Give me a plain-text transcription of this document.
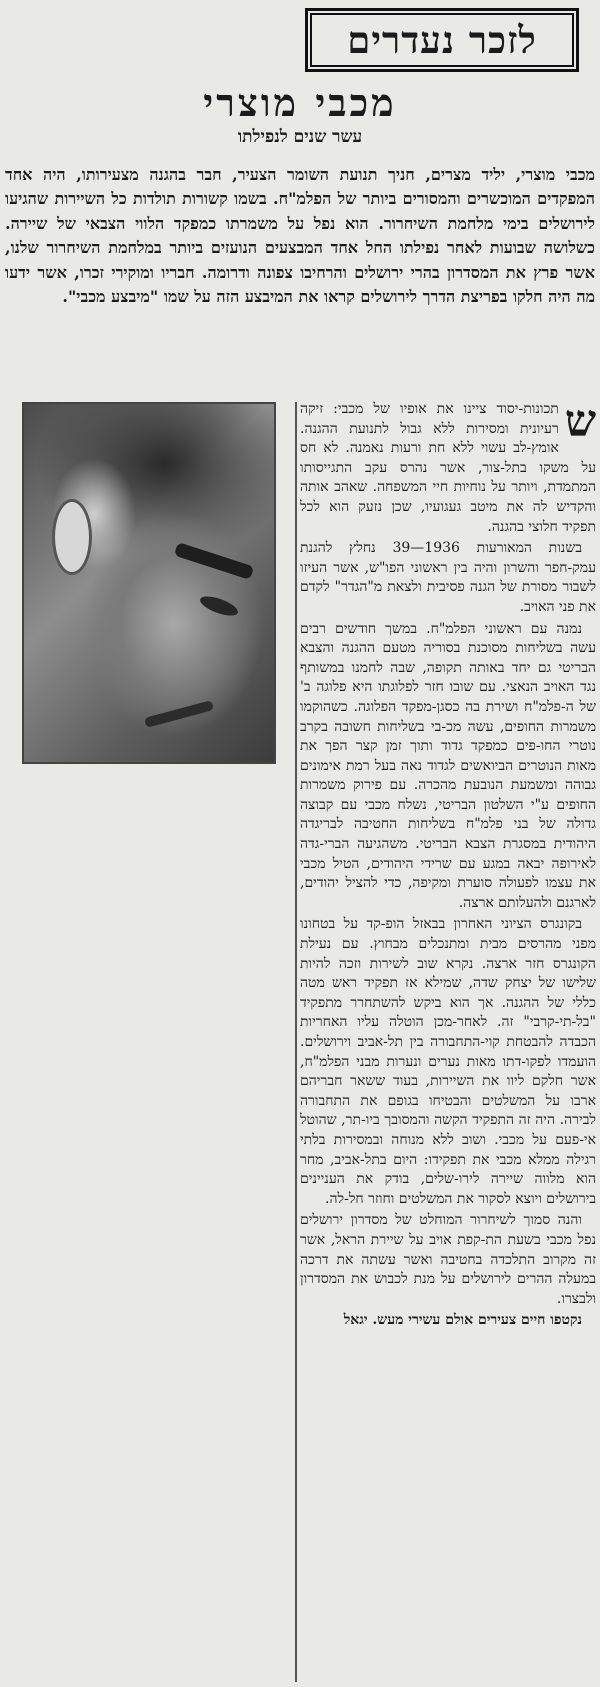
לזכר נעדרים
מכבי מוצרי
עשר שנים לנפילתו
מכבי מוצרי, יליד מצרים, חניך תנועת השומר הצעיר, חבר בהגנה מצעירותו, היה אחד המפקדים המוכשרים והמסורים ביותר של הפלמ"ח. בשמו קשורות תולדות כל השיירות שהגיעו לירושלים בימי מלחמת השיחרור. הוא נפל על משמרתו כמפקד הלווי הצבאי של שיירה. כשלושה שבועות לאחר נפילתו החל אחד המבצעים הנועזים ביותר במלחמת השיחרור שלנו, אשר פרץ את המסדרון בהרי ירושלים והרחיבו צפונה ודרומה. חבריו ומוקירי זכרו, אשר ידעו מה היה חלקו בפריצת הדרך לירושלים קראו את המיבצע הזה על שמו "מיבצע מכבי".

ש
תכונות-יסוד ציינו את אופיו של מכבי: זיקה רעיונית ומסירות ללא גבול לתנועת ההגנה. אומץ-לב עשוי ללא חת ורעות נאמנה. לא חס על משקו בתל-צור, אשר נהרס עקב התגייסותו המתמדת, ויותר על נוחיות חיי המשפחה. שאהב אותה והקדיש לה את מיטב געגועיו, שכן נזעק הוא לכל תפקיד חלוצי בהגנה.

בשנות המאורעות 1936—39 נחלץ להגנת עמק-חפר והשרון והיה בין ראשוני הפו"ש, אשר העיזו לשבור מסורת של הגנה פסיבית ולצאת מ"הגדר" לקדם את פני האויב.

נמנה עם ראשוני הפלמ"ח. במשך חודשים רבים עשה בשליחות מסוכנת בסוריה מטעם ההגנה והצבא הבריטי גם יחד באותה תקופה, שבה לחמנו במשותף נגד האויב הנאצי. עם שובו חזר לפלוגתו היא פלוגה ב' של ה-פלמ"ח ושירת בה כסגן-מפקד הפלוגה. כשהוקמו משמרות החופים, עשה מכ-בי בשליחות חשובה בקרב נוטרי החו-פים כמפקד גדוד ותוך זמן קצר הפך את מאות הנוטרים הביואשים לגדוד נאה בעל רמת אימונים גבוהה ומשמעת הנובעת מהכרה. עם פירוק משמרות החופים ע"י השלטון הבריטי, נשלח מכבי עם קבוצה גדולה של בני פלמ"ח בשליחות החטיבה לבריגדה היהודית במסגרת הצבא הבריטי. משהגיעה הברי-גדה לאירופה יבאה במגע עם שרידי היהודים, הטיל מכבי את עצמו לפעולה סוערת ומקיפה, כדי להציל יהודים, לארגנם ולהעלותם ארצה.

בקונגרס הציוני האחרון בבאזל הופ-קד על בטחונו מפני מהרסים מבית ומתנכלים מבחוץ. עם נעילת הקונגרס חזר ארצה. נקרא שוב לשירות וזכה להיות שלישו של יצחק שדה, שמילא אז תפקיד ראש מטה כללי של ההגנה. אך הוא ביקש להשתחרר מתפקיד "בל-תי-קרבי" זה. לאחר-מכן הוטלה עליו האחריות הכבדה להבטחת קוי-התחבורה בין תל-אביב וירושלים. הועמדו לפקו-דתו מאות נערים ונערות מבני הפלמ"ח, אשר חלקם ליוו את השיירות, בעוד ששאר חבריהם ארבו על המשלטים והבטיחו בגופם את התחבורה לבירה. היה זה התפקיד הקשה והמסובך ביו-תר, שהוטל אי-פעם על מכבי. ושוב ללא מנוחה ובמסירות בלתי רגילה ממלא מכבי את תפקידו: היום בתל-אביב, מחר הוא מלווה שיירה לירו-שלים, בודק את העניינים בירושלים ויוצא לסקור את המשלטים וחוזר חל-לה.

והנה סמוך לשיחרור המוחלט של מסדרון ירושלים נפל מכבי בשעת הת-קפת אויב על שיירת הראל, אשר זה מקרוב התלכדה בחטיבה ואשר עשתה את דרכה במעלה ההרים לירושלים על מנת לכבוש את המסדרון ולבצרו.

נקטפו חיים צעירים אולם עשירי מעש. יגאל
